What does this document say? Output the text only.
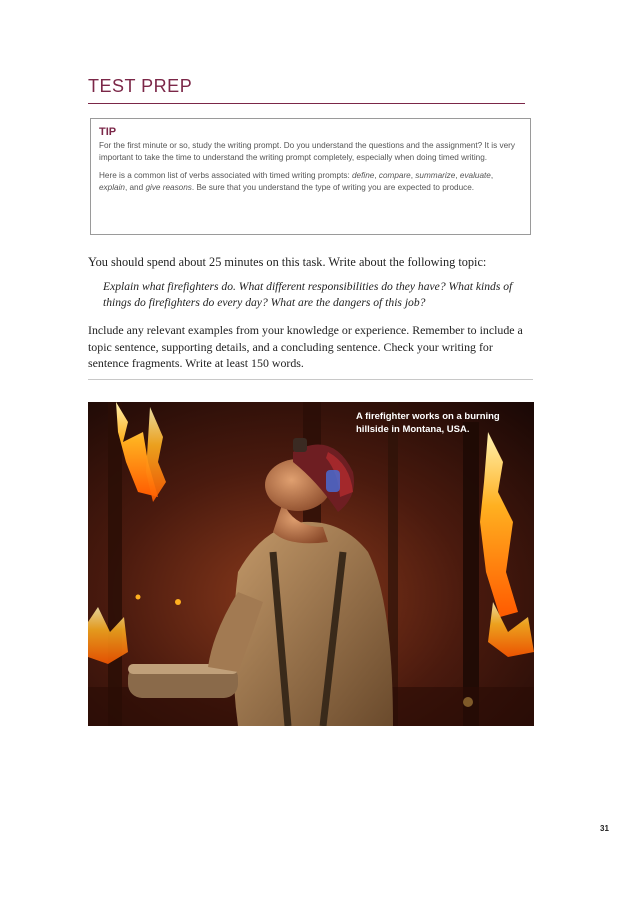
TEST PREP

TIP

For the first minute or so, study the writing prompt. Do you understand the questions and the assignment? It is very important to take the time to understand the writing prompt completely, especially when doing timed writing.

Here is a common list of verbs associated with timed writing prompts: define, compare, summarize, evaluate, explain, and give reasons. Be sure that you understand the type of writing you are expected to produce.

You should spend about 25 minutes on this task. Write about the following topic:

Explain what firefighters do. What different responsibilities do they have? What kinds of things do firefighters do every day? What are the dangers of this job?

Include any relevant examples from your knowledge or experience. Remember to include a topic sentence, supporting details, and a concluding sentence. Check your writing for sentence fragments. Write at least 150 words.

A firefighter works on a burning hillside in Montana, USA.

31
